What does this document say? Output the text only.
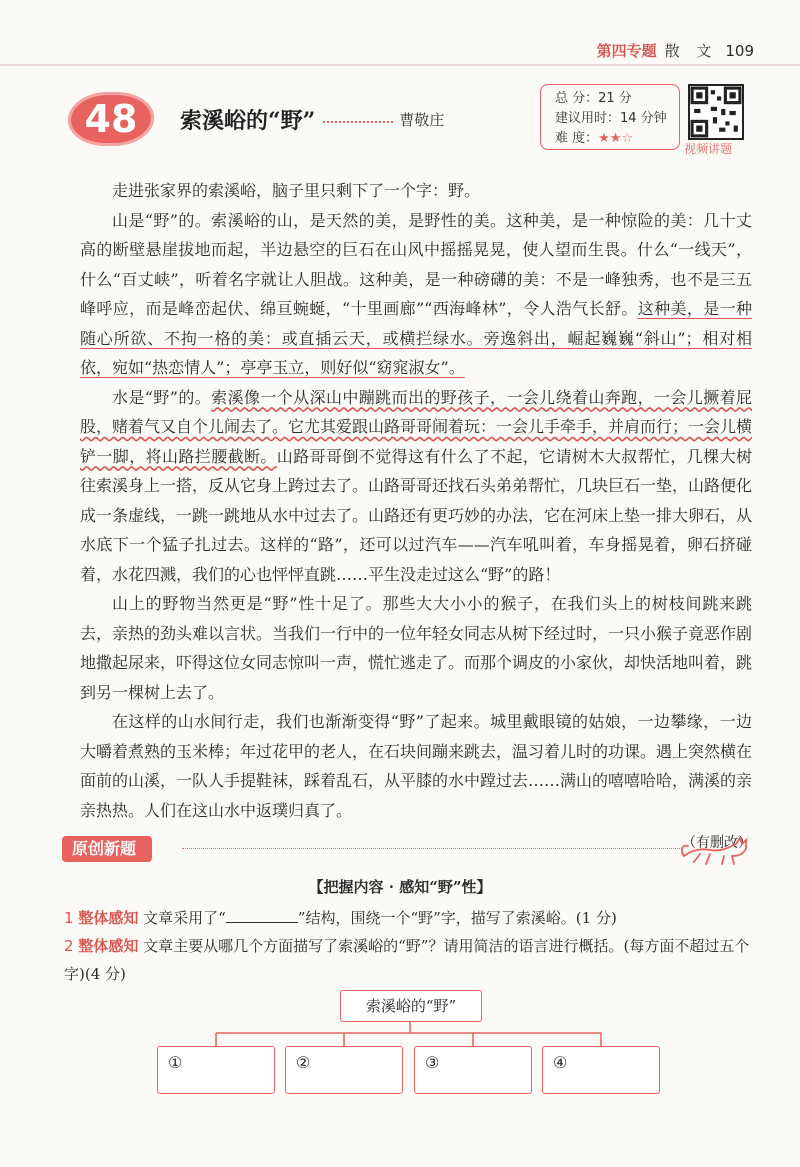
第四专题 散 文 109
48	索溪峪的“野”	曹敬庄
总 分：21 分
建议用时：14 分钟
难 度：★★☆
视频讲题

走进张家界的索溪峪，脑子里只剩下了一个字：野。

山是“野”的。索溪峪的山，是天然的美，是野性的美。这种美，是一种惊险的美：几十丈高的断壁悬崖拔地而起，半边悬空的巨石在山风中摇摇晃晃，使人望而生畏。什么“一线天”，什么“百丈峡”，听着名字就让人胆战。这种美，是一种磅礴的美：不是一峰独秀，也不是三五峰呼应，而是峰峦起伏、绵亘蜿蜒，“十里画廊”“西海峰林”，令人浩气长舒。这种美，是一种随心所欲、不拘一格的美：或直插云天，或横拦绿水。旁逸斜出，崛起巍巍“斜山”；相对相依，宛如“热恋情人”；亭亭玉立，则好似“窈窕淑女”。

水是“野”的。索溪像一个从深山中蹦跳而出的野孩子，一会儿绕着山奔跑，一会儿撅着屁股，赌着气又自个儿闹去了。它尤其爱跟山路哥哥闹着玩：一会儿手牵手，并肩而行；一会儿横铲一脚，将山路拦腰截断。山路哥哥倒不觉得这有什么了不起，它请树木大叔帮忙，几棵大树往索溪身上一搭，反从它身上跨过去了。山路哥哥还找石头弟弟帮忙，几块巨石一垫，山路便化成一条虚线，一跳一跳地从水中过去了。山路还有更巧妙的办法，它在河床上垫一排大卵石，从水底下一个猛子扎过去。这样的“路”，还可以过汽车——汽车吼叫着，车身摇晃着，卵石挤碰着，水花四溅，我们的心也怦怦直跳……平生没走过这么“野”的路！

山上的野物当然更是“野”性十足了。那些大大小小的猴子，在我们头上的树枝间跳来跳去，亲热的劲头难以言状。当我们一行中的一位年轻女同志从树下经过时，一只小猴子竟恶作剧地撒起尿来，吓得这位女同志惊叫一声，慌忙逃走了。而那个调皮的小家伙，却快活地叫着，跳到另一棵树上去了。

在这样的山水间行走，我们也渐渐变得“野”了起来。城里戴眼镜的姑娘，一边攀缘，一边大嚼着煮熟的玉米棒；年过花甲的老人，在石块间蹦来跳去，温习着儿时的功课。遇上突然横在面前的山溪，一队人手提鞋袜，踩着乱石，从平膝的水中蹚过去……满山的嘻嘻哈哈，满溪的亲亲热热。人们在这山水中返璞归真了。

（有删改）

原创新题
【把握内容 · 感知“野”性】
1 整体感知 文章采用了“	”结构，围绕一个“野”字，描写了索溪峪。(1 分)
2 整体感知 文章主要从哪几个方面描写了索溪峪的“野”？请用简洁的语言进行概括。(每方面不超过五个字)(4 分)
索溪峪的“野”
①	②	③	④
